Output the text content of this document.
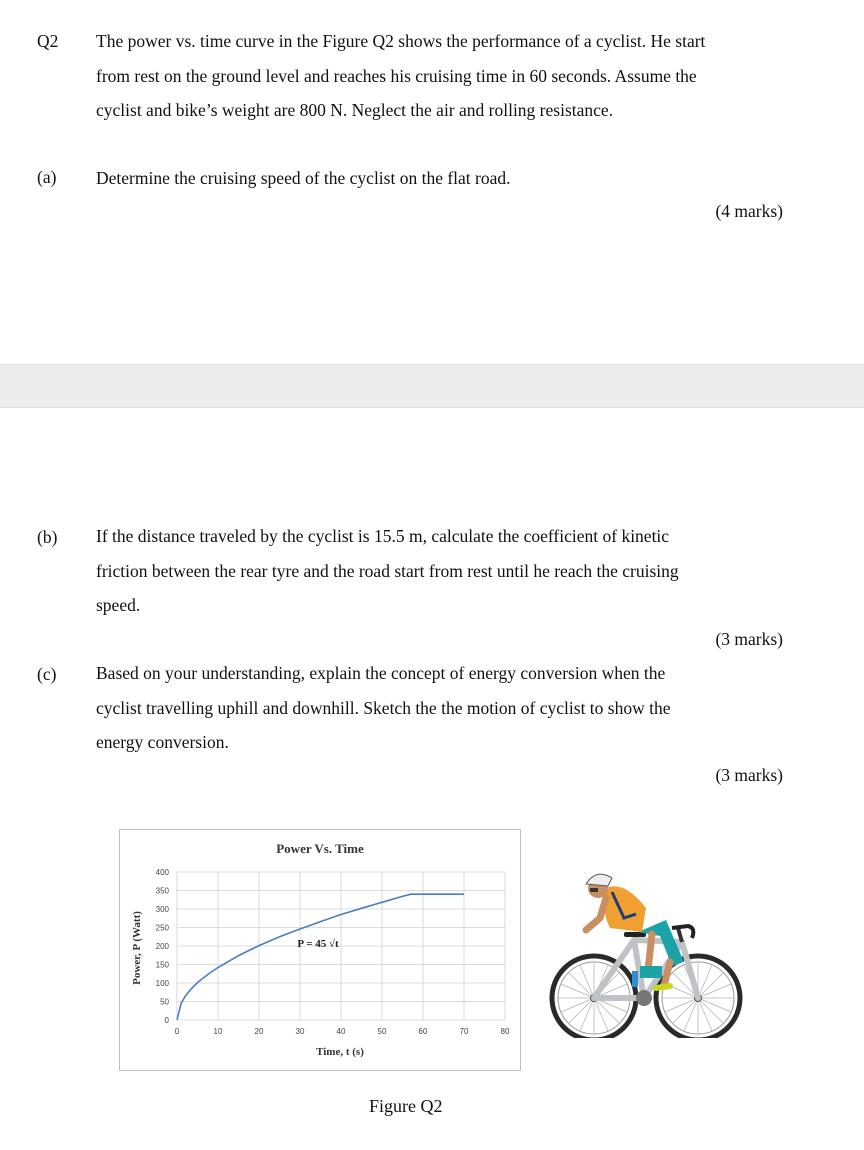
Q2 The power vs. time curve in the Figure Q2 shows the performance of a cyclist. He start
from rest on the ground level and reaches his cruising time in 60 seconds. Assume the
cyclist and bike’s weight are 800 N. Neglect the air and rolling resistance.
(a) Determine the cruising speed of the cyclist on the flat road.
(4 marks)
(b) If the distance traveled by the cyclist is 15.5 m, calculate the coefficient of kinetic
friction between the rear tyre and the road start from rest until he reach the cruising
speed.
(3 marks)
(c) Based on your understanding, explain the concept of energy conversion when the
cyclist travelling uphill and downhill. Sketch the the motion of cyclist to show the
energy conversion.
(3 marks)
0
50
100
150
200
250
300
350
400
0	10	20	30	40	50	60	70	80
Power Vs. Time
Time, t (s)
Power, P (Watt)	P = 45 √t
Figure Q2
